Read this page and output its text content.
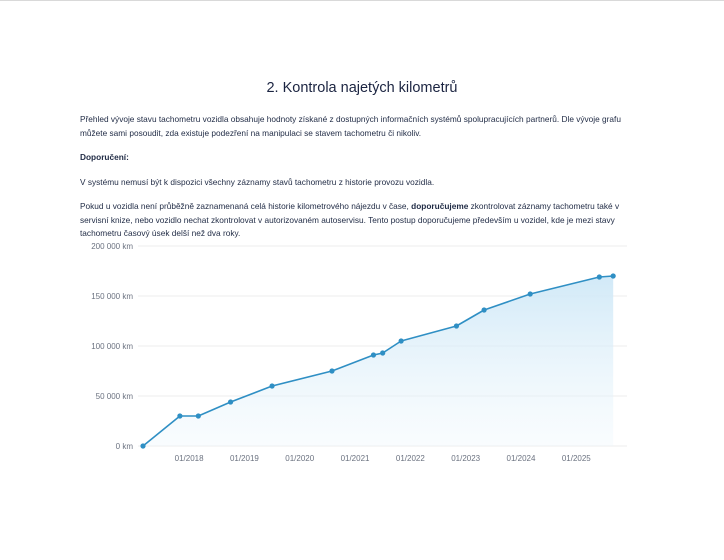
2. Kontrola najetých kilometrů

Přehled vývoje stavu tachometru vozidla obsahuje hodnoty získané z dostupných informačních systémů spolupracujících partnerů. Dle vývoje grafu můžete sami posoudit, zda existuje podezření na manipulaci se stavem tachometru či nikoliv.

Doporučení:

V systému nemusí být k dispozici všechny záznamy stavů tachometru z historie provozu vozidla.

Pokud u vozidla není průběžně zaznamenaná celá historie kilometrového nájezdu v čase, doporučujeme zkontrolovat záznamy tachometru také v servisní knize, nebo vozidlo nechat zkontrolovat v autorizovaném autoservisu. Tento postup doporučujeme především u vozidel, kde je mezi stavy tachometru časový úsek delší než dva roky.

0 km
50 000 km
100 000 km
150 000 km
200 000 km
01/2018	01/2019	01/2020	01/2021	01/2022	01/2023	01/2024	01/2025
